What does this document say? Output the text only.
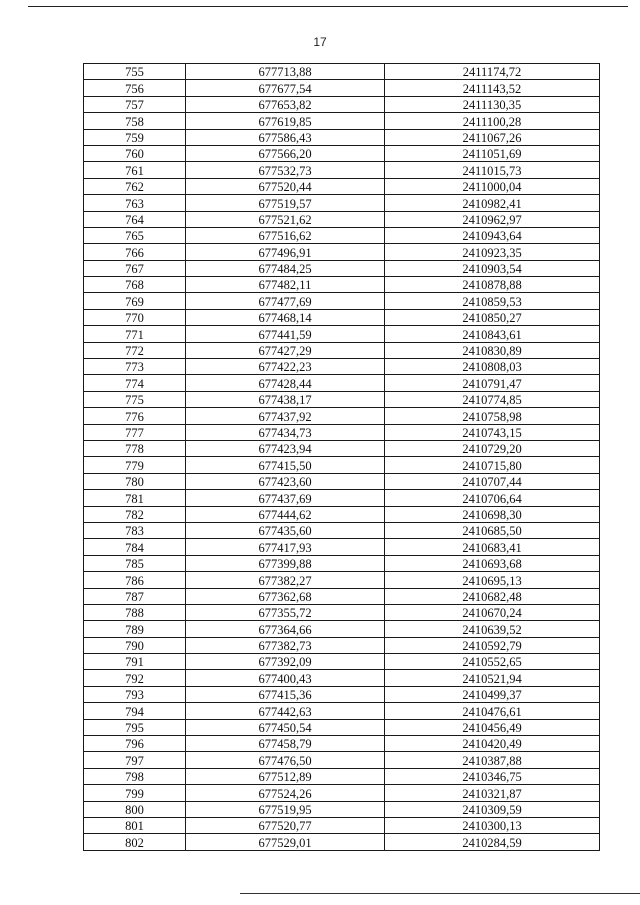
17
755	677713,88	2411174,72
756	677677,54	2411143,52
757	677653,82	2411130,35
758	677619,85	2411100,28
759	677586,43	2411067,26
760	677566,20	2411051,69
761	677532,73	2411015,73
762	677520,44	2411000,04
763	677519,57	2410982,41
764	677521,62	2410962,97
765	677516,62	2410943,64
766	677496,91	2410923,35
767	677484,25	2410903,54
768	677482,11	2410878,88
769	677477,69	2410859,53
770	677468,14	2410850,27
771	677441,59	2410843,61
772	677427,29	2410830,89
773	677422,23	2410808,03
774	677428,44	2410791,47
775	677438,17	2410774,85
776	677437,92	2410758,98
777	677434,73	2410743,15
778	677423,94	2410729,20
779	677415,50	2410715,80
780	677423,60	2410707,44
781	677437,69	2410706,64
782	677444,62	2410698,30
783	677435,60	2410685,50
784	677417,93	2410683,41
785	677399,88	2410693,68
786	677382,27	2410695,13
787	677362,68	2410682,48
788	677355,72	2410670,24
789	677364,66	2410639,52
790	677382,73	2410592,79
791	677392,09	2410552,65
792	677400,43	2410521,94
793	677415,36	2410499,37
794	677442,63	2410476,61
795	677450,54	2410456,49
796	677458,79	2410420,49
797	677476,50	2410387,88
798	677512,89	2410346,75
799	677524,26	2410321,87
800	677519,95	2410309,59
801	677520,77	2410300,13
802	677529,01	2410284,59
